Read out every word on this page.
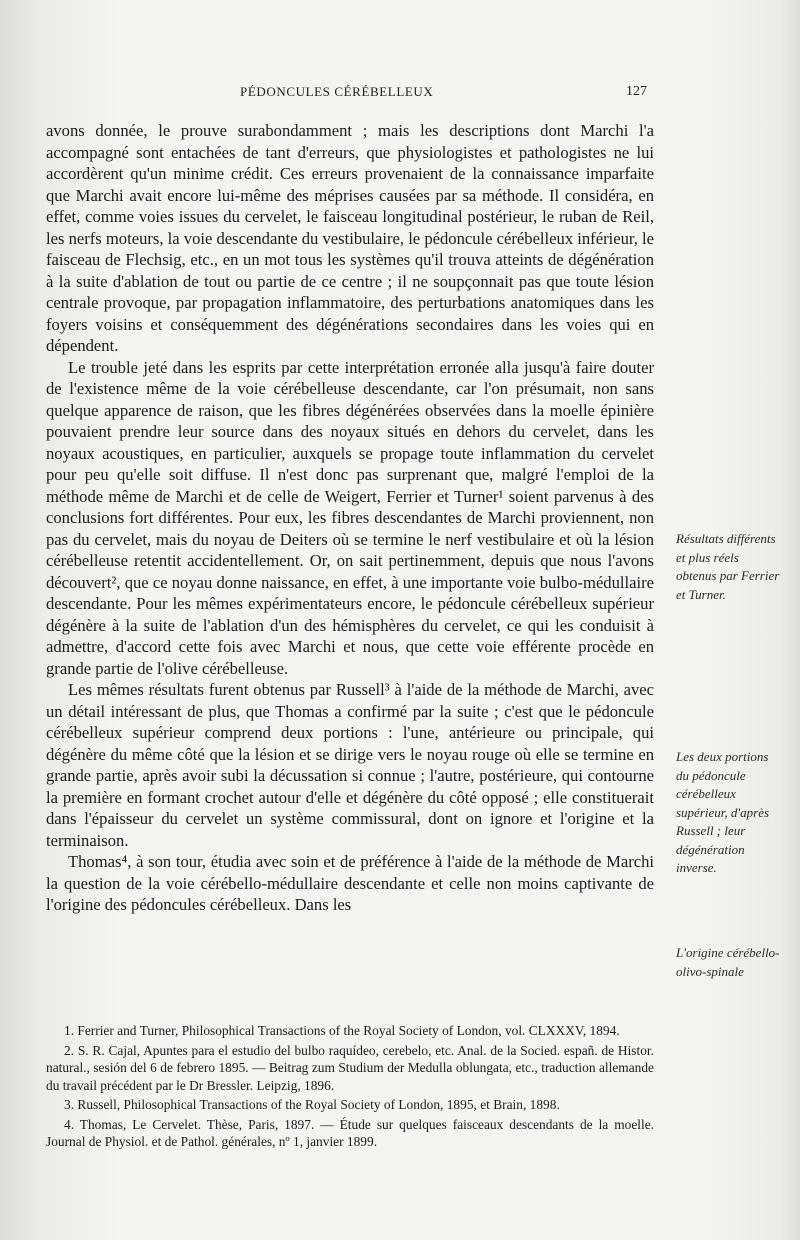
PÉDONCULES CÉRÉBELLEUX	127

avons donnée, le prouve surabondamment ; mais les descriptions dont Marchi l'a accompagné sont entachées de tant d'erreurs, que physiologistes et pathologistes ne lui accordèrent qu'un minime crédit. Ces erreurs provenaient de la connaissance imparfaite que Marchi avait encore lui-même des méprises causées par sa méthode. Il considéra, en effet, comme voies issues du cervelet, le faisceau longitudinal postérieur, le ruban de Reil, les nerfs moteurs, la voie descendante du vestibulaire, le pédoncule cérébelleux inférieur, le faisceau de Flechsig, etc., en un mot tous les systèmes qu'il trouva atteints de dégénération à la suite d'ablation de tout ou partie de ce centre ; il ne soupçonnait pas que toute lésion centrale provoque, par propagation inflammatoire, des perturbations anatomiques dans les foyers voisins et conséquemment des dégénérations secondaires dans les voies qui en dépendent.

Le trouble jeté dans les esprits par cette interprétation erronée alla jusqu'à faire douter de l'existence même de la voie cérébelleuse descendante, car l'on présumait, non sans quelque apparence de raison, que les fibres dégénérées observées dans la moelle épinière pouvaient prendre leur source dans des noyaux situés en dehors du cervelet, dans les noyaux acoustiques, en particulier, auxquels se propage toute inflammation du cervelet pour peu qu'elle soit diffuse. Il n'est donc pas surprenant que, malgré l'emploi de la méthode même de Marchi et de celle de Weigert, Ferrier et Turner¹ soient parvenus à des conclusions fort différentes. Pour eux, les fibres descendantes de Marchi proviennent, non pas du cervelet, mais du noyau de Deiters où se termine le nerf vestibulaire et où la lésion cérébelleuse retentit accidentellement. Or, on sait pertinemment, depuis que nous l'avons découvert², que ce noyau donne naissance, en effet, à une importante voie bulbo-médullaire descendante. Pour les mêmes expérimentateurs encore, le pédoncule cérébelleux supérieur dégénère à la suite de l'ablation d'un des hémisphères du cervelet, ce qui les conduisit à admettre, d'accord cette fois avec Marchi et nous, que cette voie efférente procède en grande partie de l'olive cérébelleuse.

Les mêmes résultats furent obtenus par Russell³ à l'aide de la méthode de Marchi, avec un détail intéressant de plus, que Thomas a confirmé par la suite ; c'est que le pédoncule cérébelleux supérieur comprend deux portions : l'une, antérieure ou principale, qui dégénère du même côté que la lésion et se dirige vers le noyau rouge où elle se termine en grande partie, après avoir subi la décussation si connue ; l'autre, postérieure, qui contourne la première en formant crochet autour d'elle et dégénère du côté opposé ; elle constituerait dans l'épaisseur du cervelet un système commissural, dont on ignore et l'origine et la terminaison.

Thomas⁴, à son tour, étudia avec soin et de préférence à l'aide de la méthode de Marchi la question de la voie cérébello-médullaire descendante et celle non moins captivante de l'origine des pédoncules cérébelleux. Dans les

Résultats différents et plus réels obtenus par Ferrier et Turner.
Les deux portions du pédoncule cérébelleux supérieur, d'après Russell ; leur dégénération inverse.
L'origine cérébello-olivo-spinale

1. Ferrier and Turner, Philosophical Transactions of the Royal Society of London, vol. CLXXXV, 1894.

2. S. R. Cajal, Apuntes para el estudio del bulbo raquídeo, cerebelo, etc. Anal. de la Socied. españ. de Histor. natural., sesión del 6 de febrero 1895. — Beitrag zum Studium der Medulla oblungata, etc., traduction allemande du travail précédent par le Dr Bressler. Leipzig, 1896.

3. Russell, Philosophical Transactions of the Royal Society of London, 1895, et Brain, 1898.

4. Thomas, Le Cervelet. Thèse, Paris, 1897. — Étude sur quelques faisceaux descendants de la moelle. Journal de Physiol. et de Pathol. générales, nº 1, janvier 1899.
